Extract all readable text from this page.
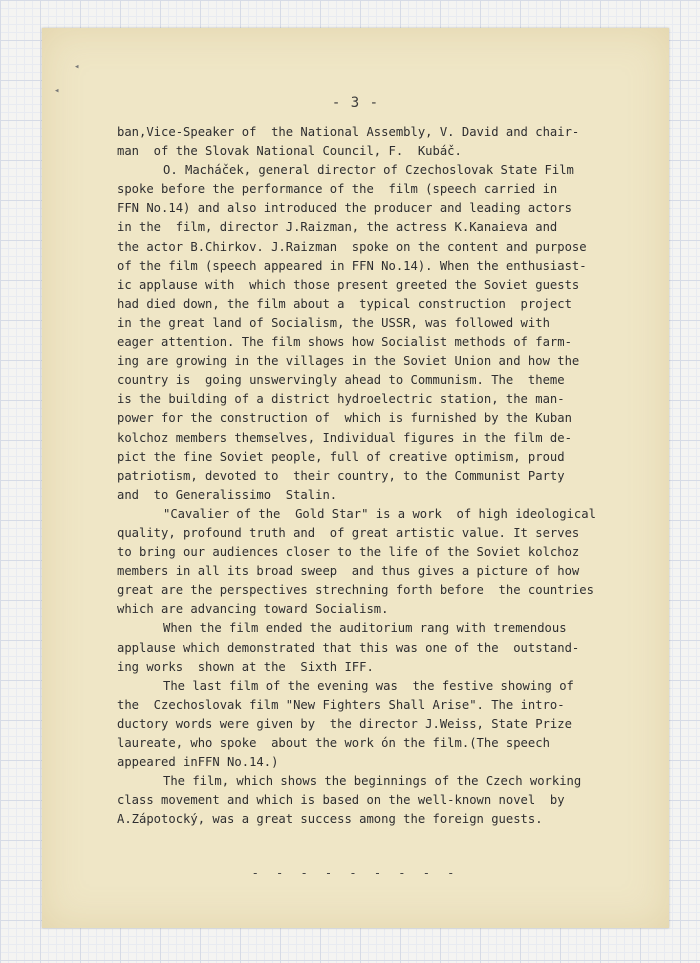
◂
◂
- 3 -
ban,Vice-Speaker of  the National Assembly, V. David and chair-
man  of the Slovak National Council, F.  Kubáč.
O. Macháček, general director of Czechoslovak State Film
spoke before the performance of the  film (speech carried in
FFN No.14) and also introduced the producer and leading actors
in the  film, director J.Raizman, the actress K.Kanaieva and
the actor B.Chirkov. J.Raizman  spoke on the content and purpose
of the film (speech appeared in FFN No.14). When the enthusiast-
ic applause with  which those present greeted the Soviet guests
had died down, the film about a  typical construction  project
in the great land of Socialism, the USSR, was followed with
eager attention. The film shows how Socialist methods of farm-
ing are growing in the villages in the Soviet Union and how the
country is  going unswervingly ahead to Communism. The  theme
is the building of a district hydroelectric station, the man-
power for the construction of  which is furnished by the Kuban
kolchoz members themselves, Individual figures in the film de-
pict the fine Soviet people, full of creative optimism, proud
patriotism, devoted to  their country, to the Communist Party
and  to Generalissimo  Stalin.
"Cavalier of the  Gold Star" is a work  of high ideological
quality, profound truth and  of great artistic value. It serves
to bring our audiences closer to the life of the Soviet kolchoz
members in all its broad sweep  and thus gives a picture of how
great are the perspectives strechning forth before  the countries
which are advancing toward Socialism.
When the film ended the auditorium rang with tremendous
applause which demonstrated that this was one of the  outstand-
ing works  shown at the  Sixth IFF.
The last film of the evening was  the festive showing of
the  Czechoslovak film "New Fighters Shall Arise". The intro-
ductory words were given by  the director J.Weiss, State Prize
laureate, who spoke  about the work ón the film.(The speech
appeared inFFN No.14.)
The film, which shows the beginnings of the Czech working
class movement and which is based on the well-known novel  by
A.Zápotocký, was a great success among the foreign guests.
- - - - - - - - -
